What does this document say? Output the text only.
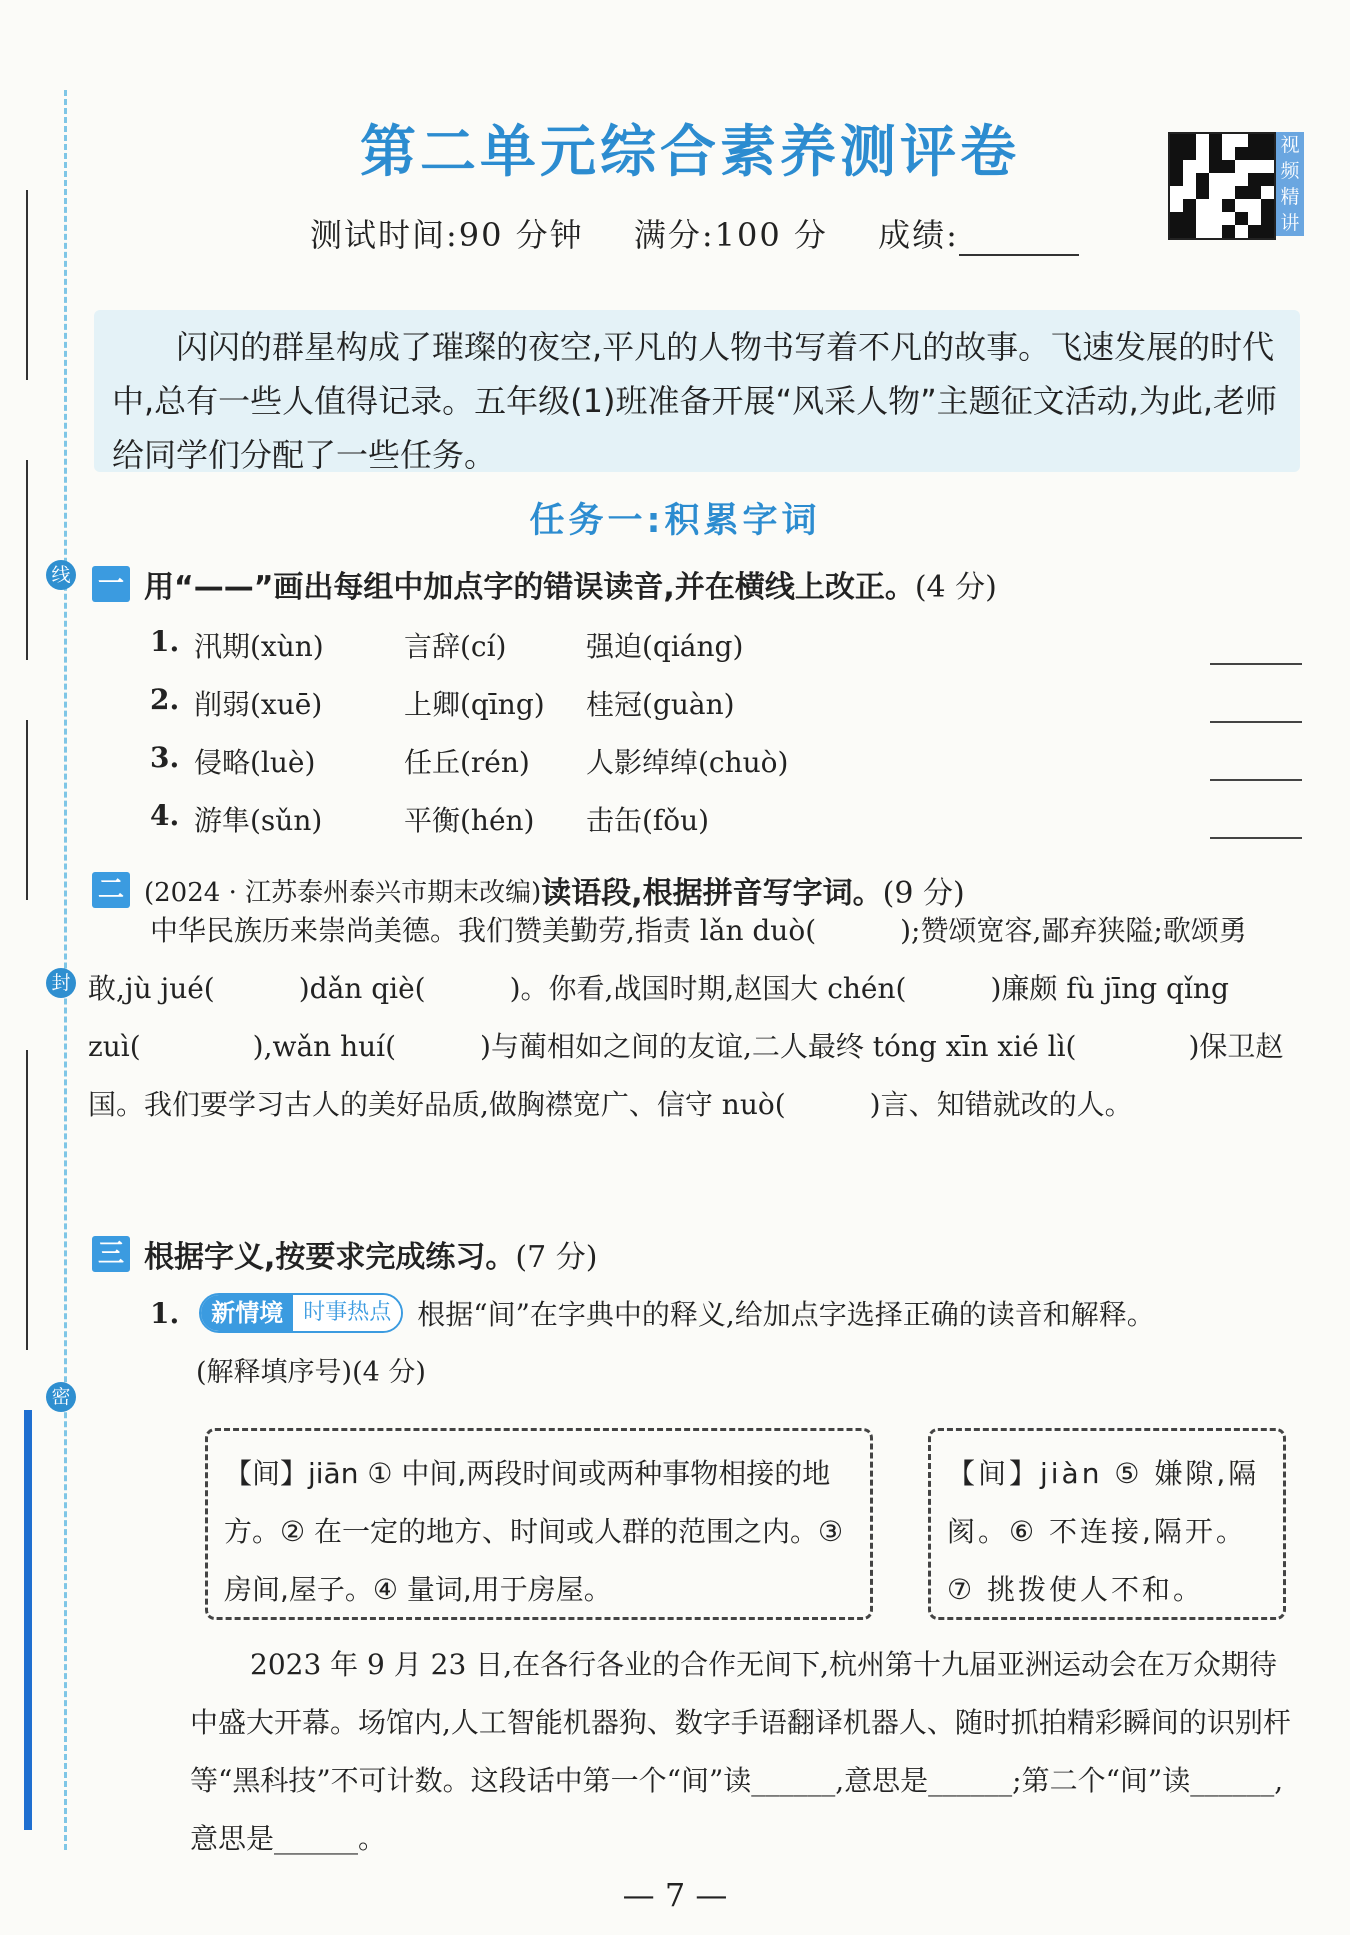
线
封
密
第二单元综合素养测评卷	视频精讲
测试时间:90 分钟 满分:100 分 成绩:
闪闪的群星构成了璀璨的夜空,平凡的人物书写着不凡的故事。飞速发展的时代中,总有一些人值得记录。五年级(1)班准备开展“风采人物”主题征文活动,为此,老师给同学们分配了一些任务。
任务一:积累字词
一 用“——”画出每组中加点字的错误读音,并在横线上改正。 (4 分)
1. 汛期(xùn)	言辞(cí)	强迫(qiáng)
2. 削弱(xuē)	上卿(qīng) 桂冠(guàn)
3. 侵略(luè)	任丘(rén) 人影绰绰(chuò)
4. 游隼(sǔn)	平衡(hén) 击缶(fǒu)
二 (2024 · 江苏泰州泰兴市期末改编) 读语段,根据拼音写字词。 (9 分)
中华民族历来崇尚美德。我们赞美勤劳,指责 lǎn duò(　　　);赞颂宽容,鄙弃狭隘;歌颂勇敢,jù jué(　　　)dǎn qiè(　　　)。你看,战国时期,赵国大 chén(　　　)廉颇 fù jīng qǐng zuì(　　　　),wǎn huí(　　　)与蔺相如之间的友谊,二人最终 tóng xīn xié lì(　　　　)保卫赵国。我们要学习古人的美好品质,做胸襟宽广、信守 nuò(　　　)言、知错就改的人。
三 根据字义,按要求完成练习。 (7 分)
1.	新情境 时事热点 根据“间”在字典中的释义,给加点字选择正确的读音和解释。
(解释填序号)(4 分)
【间】jiān ① 中间,两段时间或两种事物相接的地方。② 在一定的地方、时间或人群的范围之内。③ 房间,屋子。④ 量词,用于房屋。
【间】jiàn ⑤ 嫌隙,隔阂。⑥ 不连接,隔开。⑦ 挑拨使人不和。
2023 年 9 月 23 日,在各行各业的合作无间下,杭州第十九届亚洲运动会在万众期待中盛大开幕。场馆内,人工智能机器狗、数字手语翻译机器人、随时抓拍精彩瞬间的识别杆等“黑科技”不可计数。这段话中第一个“间”读______,意思是______;第二个“间”读______,意思是______。
— 7 —
